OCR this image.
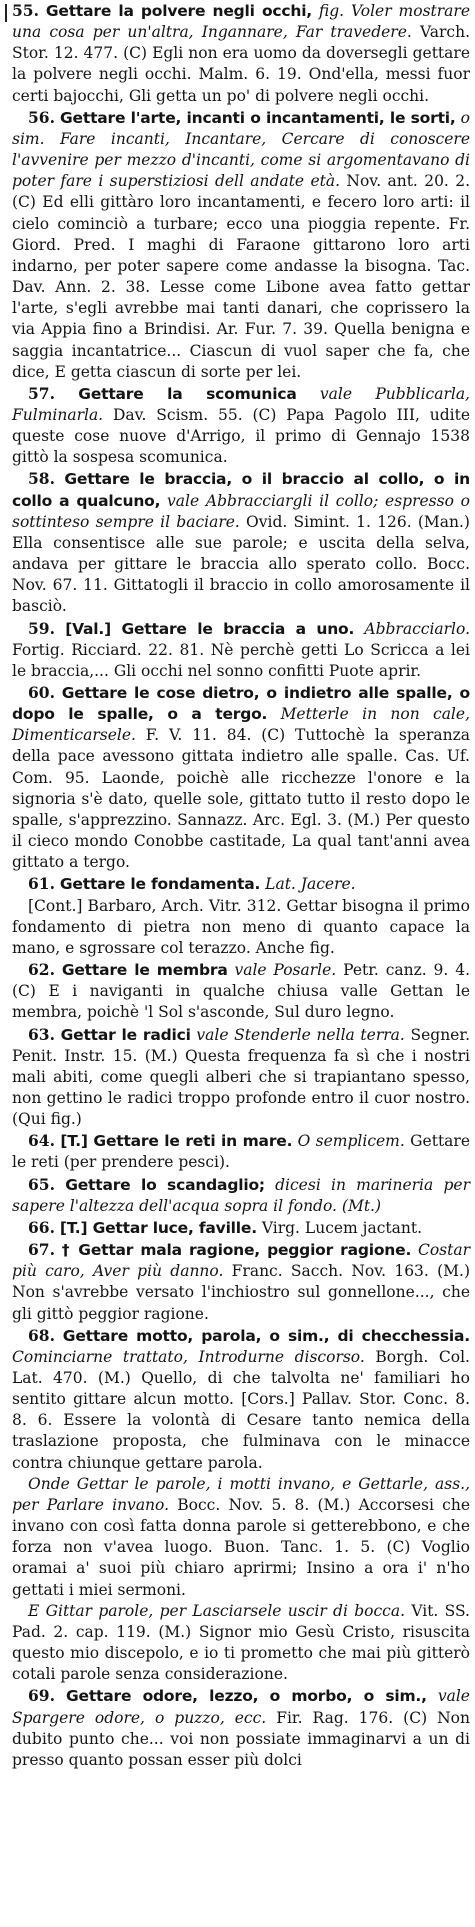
55. Gettare la polvere negli occhi, fig. Voler mostrare una cosa per un'altra, Ingannare, Far travedere. Varch. Stor. 12. 477. (C) Egli non era uomo da doversegli gettare la polvere negli occhi. Malm. 6. 19. Ond'ella, messi fuor certi bajocchi, Gli getta un po' di polvere negli occhi.

56. Gettare l'arte, incanti o incantamenti, le sorti, o sim. Fare incanti, Incantare, Cercare di conoscere l'avvenire per mezzo d'incanti, come si argomentavano di poter fare i superstiziosi dell andate età. Nov. ant. 20. 2. (C) Ed elli gittàro loro incantamenti, e fecero loro arti: il cielo cominciò a turbare; ecco una pioggia repente. Fr. Giord. Pred. I maghi di Faraone gittarono loro arti indarno, per poter sapere come andasse la bisogna. Tac. Dav. Ann. 2. 38. Lesse come Libone avea fatto gettar l'arte, s'egli avrebbe mai tanti danari, che coprissero la via Appia fino a Brindisi. Ar. Fur. 7. 39. Quella benigna e saggia incantatrice... Ciascun di vuol saper che fa, che dice, E getta ciascun di sorte per lei.

57. Gettare la scomunica vale Pubblicarla, Fulminarla. Dav. Scism. 55. (C) Papa Pagolo III, udite queste cose nuove d'Arrigo, il primo di Gennajo 1538 gittò la sospesa scomunica.

58. Gettare le braccia, o il braccio al collo, o in collo a qualcuno, vale Abbracciargli il collo; espresso o sottinteso sempre il baciare. Ovid. Simint. 1. 126. (Man.) Ella consentisce alle sue parole; e uscita della selva, andava per gittare le braccia allo sperato collo. Bocc. Nov. 67. 11. Gittatogli il braccio in collo amorosamente il basciò.

59. [Val.] Gettare le braccia a uno. Abbracciarlo. Fortig. Ricciard. 22. 81. Nè perchè getti Lo Scricca a lei le braccia,... Gli occhi nel sonno confitti Puote aprir.

60. Gettare le cose dietro, o indietro alle spalle, o dopo le spalle, o a tergo. Metterle in non cale, Dimenticarsele. F. V. 11. 84. (C) Tuttochè la speranza della pace avessono gittata indietro alle spalle. Cas. Uf. Com. 95. Laonde, poichè alle ricchezze l'onore e la signoria s'è dato, quelle sole, gittato tutto il resto dopo le spalle, s'apprezzino. Sannazz. Arc. Egl. 3. (M.) Per questo il cieco mondo Conobbe castitade, La qual tant'anni avea gittato a tergo.

61. Gettare le fondamenta. Lat. Jacere.

[Cont.] Barbaro, Arch. Vitr. 312. Gettar bisogna il primo fondamento di pietra non meno di quanto capace la mano, e sgrossare col terazzo. Anche fig.

62. Gettare le membra vale Posarle. Petr. canz. 9. 4. (C) E i naviganti in qualche chiusa valle Gettan le membra, poichè 'l Sol s'asconde, Sul duro legno.

63. Gettar le radici vale Stenderle nella terra. Segner. Penit. Instr. 15. (M.) Questa frequenza fa sì che i nostri mali abiti, come quegli alberi che si trapiantano spesso, non gettino le radici troppo profonde entro il cuor nostro. (Qui fig.)

64. [T.] Gettare le reti in mare. O semplicem. Gettare le reti (per prendere pesci).

65. Gettare lo scandaglio; dicesi in marineria per sapere l'altezza dell'acqua sopra il fondo. (Mt.)

66. [T.] Gettar luce, faville. Virg. Lucem jactant.

67. † Gettar mala ragione, peggior ragione. Costar più caro, Aver più danno. Franc. Sacch. Nov. 163. (M.) Non s'avrebbe versato l'inchiostro sul gonnellone..., che gli gittò peggior ragione.

68. Gettare motto, parola, o sim., di checchessia. Cominciarne trattato, Introdurne discorso. Borgh. Col. Lat. 470. (M.) Quello, di che talvolta ne' familiari ho sentito gittare alcun motto. [Cors.] Pallav. Stor. Conc. 8. 8. 6. Essere la volontà di Cesare tanto nemica della traslazione proposta, che fulminava con le minacce contra chiunque gettare parola.

Onde Gettar le parole, i motti invano, e Gettarle, ass., per Parlare invano. Bocc. Nov. 5. 8. (M.) Accorsesi che invano con così fatta donna parole si getterebbono, e che forza non v'avea luogo. Buon. Tanc. 1. 5. (C) Voglio oramai a' suoi più chiaro aprirmi; Insino a ora i' n'ho gettati i miei sermoni.

E Gittar parole, per Lasciarsele uscir di bocca. Vit. SS. Pad. 2. cap. 119. (M.) Signor mio Gesù Cristo, risuscita questo mio discepolo, e io ti prometto che mai più gitterò cotali parole senza considerazione.

69. Gettare odore, lezzo, o morbo, o sim., vale Spargere odore, o puzzo, ecc. Fir. Rag. 176. (C) Non dubito punto che... voi non possiate immaginarvi a un di presso quanto possan esser più dolci
